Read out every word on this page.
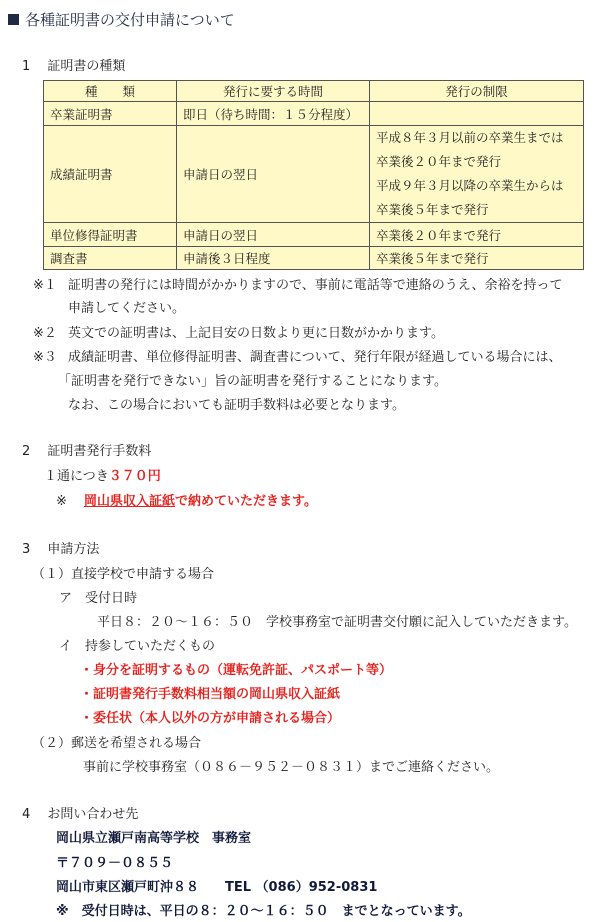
各種証明書の交付申請について
1　 証明書の種類
種　　類	発行に要する時間	発行の制限
卒業証明書	即日（待ち時間：１５分程度）	
成績証明書	申請日の翌日	平成８年３月以前の卒業生までは
卒業後２０年まで発行
平成９年３月以降の卒業生からは
卒業後５年まで発行

単位修得証明書	申請日の翌日	卒業後２０年まで発行
調査書	申請後３日程度	卒業後５年まで発行
※１ 証明書の発行には時間がかかりますので、事前に電話等で連絡のうえ、余裕を持って
申請してください。
※２ 英文での証明書は、上記目安の日数より更に日数がかかります。
※３ 成績証明書、単位修得証明書、調査書について、発行年限が経過している場合には、
「証明書を発行できない」旨の証明書を発行することになります。
なお、この場合においても証明手数料は必要となります。
2　 証明書発行手数料
１通につき３７０円
※ 岡山県収入証紙で納めていただきます。
3　 申請方法
（１）直接学校で申請する場合
ア　受付日時
平日８：２０～１６：５０　学校事務室で証明書交付願に記入していただきます。
イ　持参していただくもの
・身分を証明するもの（運転免許証、パスポート等）
・証明書発行手数料相当額の岡山県収入証紙
・委任状（本人以外の方が申請される場合）
（２）郵送を希望される場合
事前に学校事務室（０８６－９５２－０８３１）までご連絡ください。
4　 お問い合わせ先
岡山県立瀬戸南高等学校　事務室
〒７０９－０８５５
岡山市東区瀬戸町沖８８　　TEL （086）952-0831
※　受付日時は、平日の８：２０～１６：５０　までとなっています。
